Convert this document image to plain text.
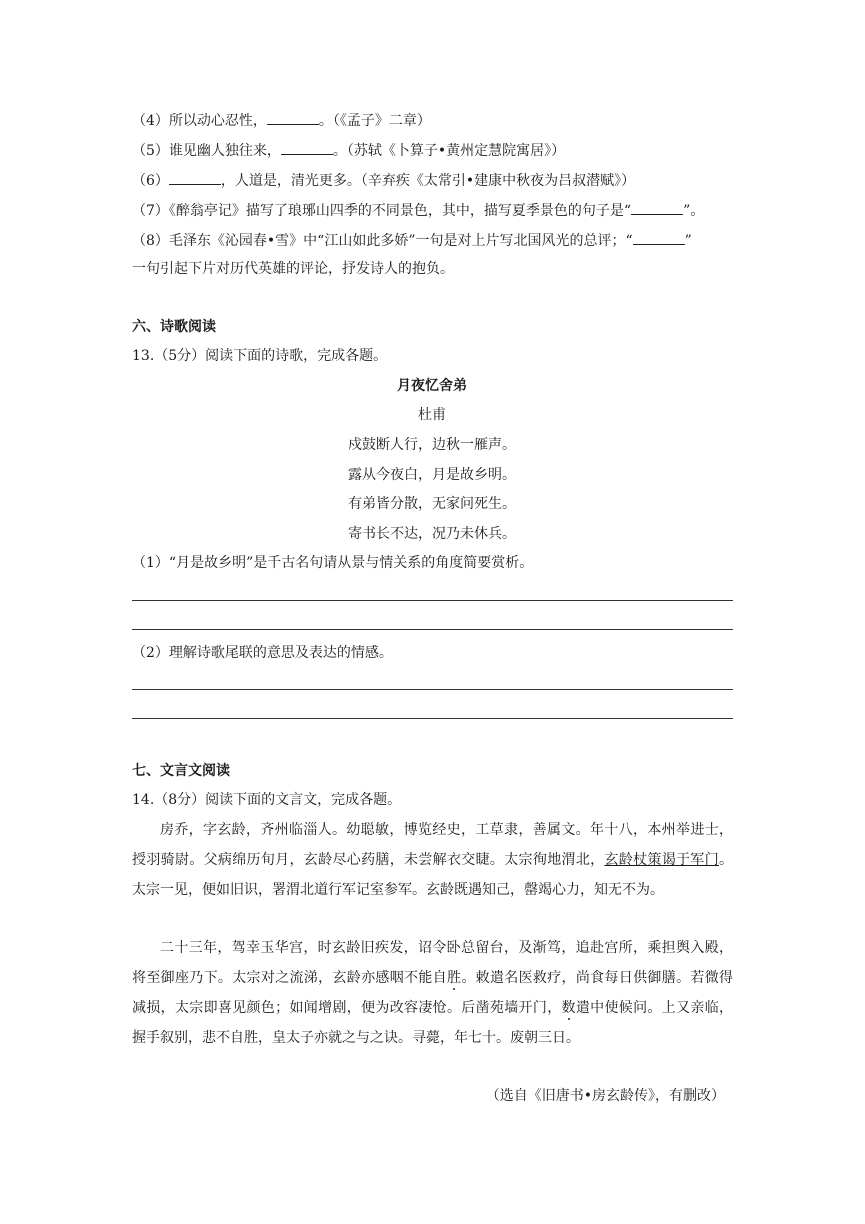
（4）所以动心忍性，	。（《孟子》二章）
（5）谁见幽人独往来，	。（苏轼《卜算子•黄州定慧院寓居》）
（6）	，人道是，清光更多。（辛弃疾《太常引•建康中秋夜为吕叔潜赋》）
（7）《醉翁亭记》描写了琅琊山四季的不同景色，其中，描写夏季景色的句子是“	”。
（8）毛泽东《沁园春•雪》中“江山如此多娇”一句是对上片写北国风光的总评；“	”
一句引起下片对历代英雄的评论，抒发诗人的抱负。
六、诗歌阅读
13.（5分）阅读下面的诗歌，完成各题。
月夜忆舍弟
杜甫
戍鼓断人行，边秋一雁声。
露从今夜白，月是故乡明。
有弟皆分散，无家问死生。
寄书长不达，况乃未休兵。
（1）“月是故乡明”是千古名句请从景与情关系的角度简要赏析。
（2）理解诗歌尾联的意思及表达的情感。
七、文言文阅读
14.（8分）阅读下面的文言文，完成各题。
房乔，字玄龄，齐州临淄人。幼聪敏，博览经史，工草隶，善属文。年十八，本州举进士，授羽骑尉。父病绵历旬月，玄龄尽心药膳，未尝解衣交睫。太宗徇地渭北，玄龄杖策谒于军门。太宗一见，便如旧识，署渭北道行军记室参军。玄龄既遇知己，罄竭心力，知无不为。
二十三年，驾幸玉华宫，时玄龄旧疾发，诏令卧总留台，及渐笃，追赴宫所，乘担舆入殿，将至御座乃下。太宗对之流涕，玄龄亦感咽不能自胜。敕遣名医救疗，尚食每日供御膳。若微得减损，太宗即喜见颜色；如闻增剧，便为改容凄怆。后凿苑墙开门，数遣中使候问。上又亲临，握手叙别，悲不自胜，皇太子亦就之与之诀。寻薨，年七十。废朝三日。
（选自《旧唐书•房玄龄传》，有删改）
